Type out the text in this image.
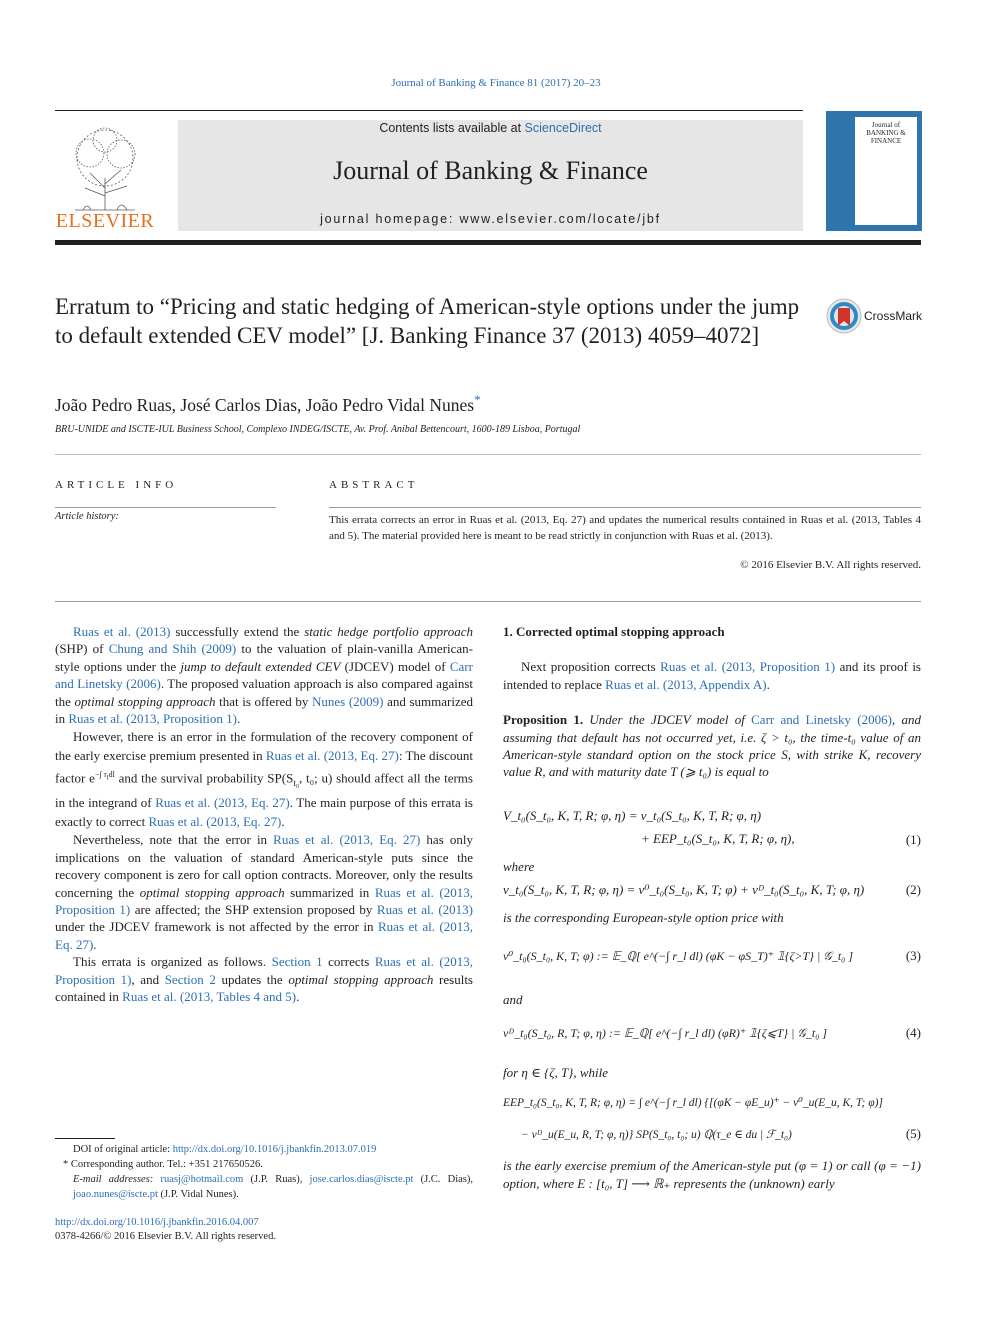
Journal of Banking & Finance 81 (2017) 20–23
ELSEVIER
Contents lists available at ScienceDirect
Journal of Banking & Finance
journal homepage: www.elsevier.com/locate/jbf
Journal of BANKING & FINANCE
Erratum to “Pricing and static hedging of American-style options under the jump to default extended CEV model” [J. Banking Finance 37 (2013) 4059–4072]
CrossMark
João Pedro Ruas, José Carlos Dias, João Pedro Vidal Nunes*
BRU-UNIDE and ISCTE-IUL Business School, Complexo INDEG/ISCTE, Av. Prof. Aníbal Bettencourt, 1600-189 Lisboa, Portugal
ARTICLE INFO
Article history:
ABSTRACT
This errata corrects an error in Ruas et al. (2013, Eq. 27) and updates the numerical results contained in Ruas et al. (2013, Tables 4 and 5). The material provided here is meant to be read strictly in conjunction with Ruas et al. (2013).
© 2016 Elsevier B.V. All rights reserved.

Ruas et al. (2013) successfully extend the static hedge portfolio approach (SHP) of Chung and Shih (2009) to the valuation of plain-vanilla American-style options under the jump to default extended CEV (JDCEV) model of Carr and Linetsky (2006). The proposed valuation approach is also compared against the optimal stopping approach that is offered by Nunes (2009) and summarized in Ruas et al. (2013, Proposition 1).

However, there is an error in the formulation of the recovery component of the early exercise premium presented in Ruas et al. (2013, Eq. 27): The discount factor $e^{-\int r_ldl}$ and the survival probability $SP(S_{t_0}$, t₀; u) should affect all the terms in the integrand of Ruas et al. (2013, Eq. 27). The main purpose of this errata is exactly to correct Ruas et al. (2013, Eq. 27).

Nevertheless, note that the error in Ruas et al. (2013, Eq. 27) has only implications on the valuation of standard American-style puts since the recovery component is zero for call option contracts. Moreover, only the results concerning the optimal stopping approach summarized in Ruas et al. (2013, Proposition 1) are affected; the SHP extension proposed by Ruas et al. (2013) under the JDCEV framework is not affected by the error in Ruas et al. (2013, Eq. 27).

This errata is organized as follows. Section 1 corrects Ruas et al. (2013, Proposition 1), and Section 2 updates the optimal stopping approach results contained in Ruas et al. (2013, Tables 4 and 5).

1. Corrected optimal stopping approach

Next proposition corrects Ruas et al. (2013, Proposition 1) and its proof is intended to replace Ruas et al. (2013, Appendix A).

Proposition 1. Under the JDCEV model of Carr and Linetsky (2006), and assuming that default has not occurred yet, i.e. ζ > t₀, the time-t₀ value of an American-style standard option on the stock price S, with strike K, recovery value R, and with maturity date T (⩾ t₀) is equal to

V_t₀(S_t₀, K, T, R; φ, η) = v_t₀(S_t₀, K, T, R; φ, η)
+ EEP_t₀(S_t₀, K, T, R; φ, η),	(1)
where
v_t₀(S_t₀, K, T, R; φ, η) = v⁰_t₀(S_t₀, K, T; φ) + vᴰ_t₀(S_t₀, K, T; φ, η)	(2)
is the corresponding European-style option price with
v⁰_t₀(S_t₀, K, T; φ) := 𝔼_ℚ[ e^(−∫ r_l dl) (φK − φS_T)⁺ 𝟙{ζ>T} | 𝒢_t₀ ]	(3)
and
vᴰ_t₀(S_t₀, R, T; φ, η) := 𝔼_ℚ[ e^(−∫ r_l dl) (φR)⁺ 𝟙{ζ⩽T} | 𝒢_t₀ ]	(4)
for η ∈ {ζ, T}, while
EEP_t₀(S_t₀, K, T, R; φ, η) = ∫ e^(−∫ r_l dl) {[(φK − φE_u)⁺ − v⁰_u(E_u, K, T; φ)]
− vᴰ_u(E_u, R, T; φ, η)} SP(S_t₀, t₀; u) ℚ(τ_e ∈ du | ℱ_t₀)	(5)
is the early exercise premium of the American-style put (φ = 1) or call (φ = −1) option, where E : [t₀, T] ⟶ ℝ₊ represents the (unknown) early
DOI of original article: http://dx.doi.org/10.1016/j.jbankfin.2013.07.019
* Corresponding author. Tel.: +351 217650526.
E-mail addresses: ruasj@hotmail.com (J.P. Ruas), jose.carlos.dias@iscte.pt (J.C. Dias), joao.nunes@iscte.pt (J.P. Vidal Nunes).
http://dx.doi.org/10.1016/j.jbankfin.2016.04.007
0378-4266/© 2016 Elsevier B.V. All rights reserved.
